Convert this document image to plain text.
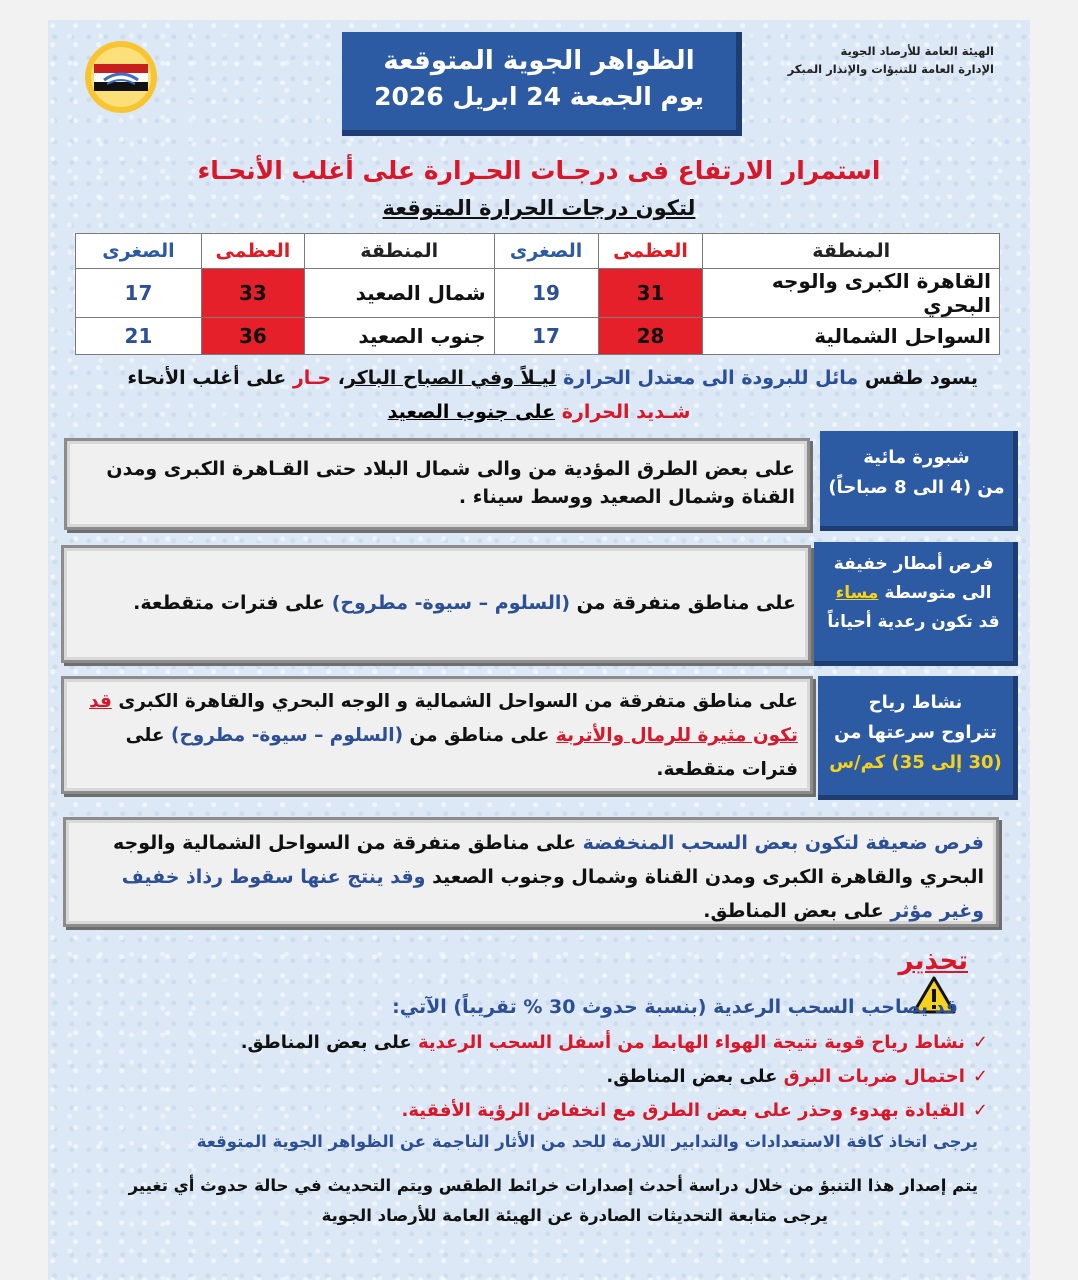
الهيئة العامة للأرصاد الجوية
الإدارة العامة للتنبؤات والإنذار المبكر
الظواهر الجوية المتوقعة
يوم الجمعة 24 ابريل 2026
استمرار الارتفاع فى درجـات الحـرارة على أغلب الأنحـاء
لتكون درجات الحرارة المتوقعة
المنطقة	العظمى	الصغرى	المنطقة	العظمى	الصغرى
القاهرة الكبرى والوجه البحري	31	19	شمال الصعيد	33	17
السواحل الشمالية	28	17	جنوب الصعيد	36	21
يسود طقس مائل للبرودة الى معتدل الحرارة ليـلاً وفي الصباح الباكر، حـار على أغلب الأنحاء
شـديد الحرارة على جنوب الصعيد
شبورة مائية
من (4 الى 8 صباحاً)
على بعض الطرق المؤدية من والى شمال البلاد حتى القـاهرة الكبرى ومدن القناة وشمال الصعيد ووسط سيناء .
فرص أمطار خفيفة
الى متوسطة مساء
قد تكون رعدية أحياناً
على مناطق متفرقة من (السلوم – سيوة- مطروح) على فترات متقطعة.
نشاط رياح
تتراوح سرعتها من
(30 إلى 35) كم/س
على مناطق متفرقة من السواحل الشمالية و الوجه البحري والقاهرة الكبرى قد تكون مثيرة للرمال والأتربة على مناطق من (السلوم – سيوة- مطروح) على فترات متقطعة.
فرص ضعيفة لتكون بعض السحب المنخفضة على مناطق متفرقة من السواحل الشمالية والوجه البحري والقاهرة الكبرى ومدن القناة وشمال وجنوب الصعيد وقد ينتج عنها سقوط رذاذ خفيف وغير مؤثر على بعض المناطق.
تحذير
قد يصاحب السحب الرعدية (بنسبة حدوث 30 % تقريباً) الآتي:
✓نشاط رياح قوية نتيجة الهواء الهابط من أسفل السحب الرعدية على بعض المناطق.
✓احتمال ضربات البرق على بعض المناطق.
✓القيادة بهدوء وحذر على بعض الطرق مع انخفاض الرؤية الأفقية.
يرجى اتخاذ كافة الاستعدادات والتدابير اللازمة للحد من الأثار الناجمة عن الظواهر الجوية المتوقعة
يتم إصدار هذا التنبؤ من خلال دراسة أحدث إصدارات خرائط الطقس ويتم التحديث في حالة حدوث أي تغيير
يرجى متابعة التحديثات الصادرة عن الهيئة العامة للأرصاد الجوية
